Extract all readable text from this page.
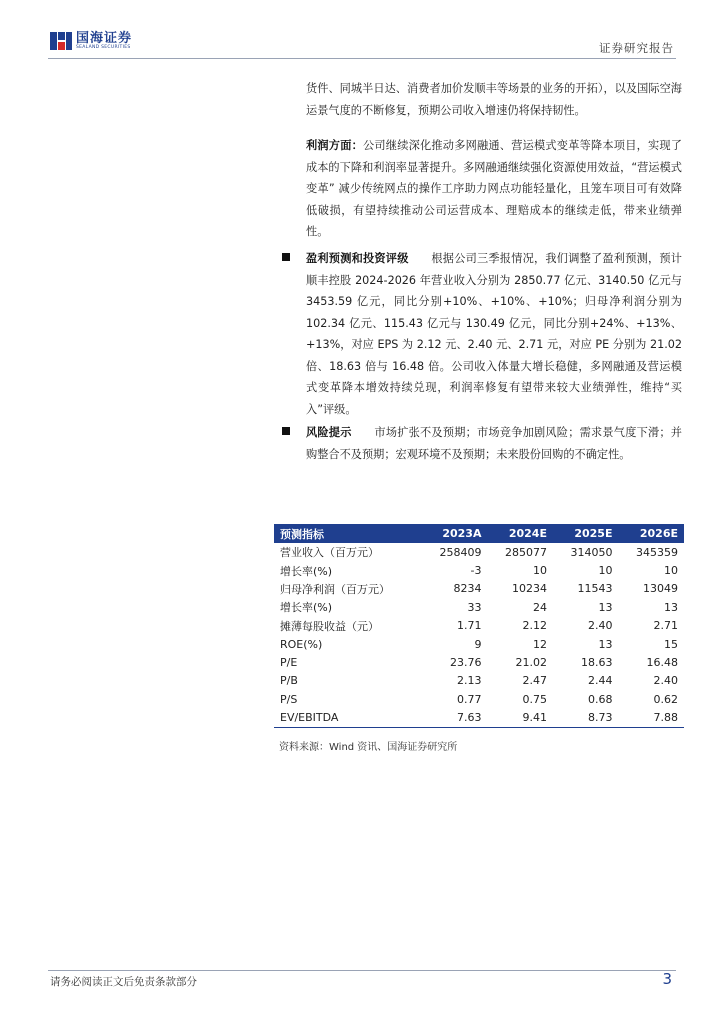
国海证券
SEALAND SECURITIES	证券研究报告

货件、同城半日达、消费者加价发顺丰等场景的业务的开拓），以及国际空海运景气度的不断修复，预期公司收入增速仍将保持韧性。

利润方面：公司继续深化推动多网融通、营运模式变革等降本项目，实现了成本的下降和利润率显著提升。多网融通继续强化资源使用效益，“营运模式变革” 减少传统网点的操作工序助力网点功能轻量化，且笼车项目可有效降低破损，有望持续推动公司运营成本、理赔成本的继续走低，带来业绩弹性。

盈利预测和投资评级　　 根据公司三季报情况，我们调整了盈利预测，预计顺丰控股 2024-2026 年营业收入分别为 2850.77 亿元、3140.50 亿元与 3453.59 亿元，同比分别+10%、+10%、+10%；归母净利润分别为 102.34 亿元、115.43 亿元与 130.49 亿元，同比分别+24%、+13%、+13%，对应 EPS 为 2.12 元、2.40 元、2.71 元，对应 PE 分别为 21.02 倍、18.63 倍与 16.48 倍。公司收入体量大增长稳健，多网融通及营运模式变革降本增效持续兑现，利润率修复有望带来较大业绩弹性，维持“买入”评级。

风险提示　　 市场扩张不及预期；市场竞争加剧风险；需求景气度下滑；并购整合不及预期；宏观环境不及预期；未来股份回购的不确定性。

预测指标	2023A	2024E	2025E	2026E
营业收入（百万元）	258409	285077	314050	345359
增长率(%)	-3	10	10	10
归母净利润（百万元）	8234	10234	11543	13049
增长率(%)	33	24	13	13
摊薄每股收益（元）	1.71	2.12	2.40	2.71
ROE(%)	9	12	13	15
P/E	23.76	21.02	18.63	16.48
P/B	2.13	2.47	2.44	2.40
P/S	0.77	0.75	0.68	0.62
EV/EBITDA	7.63	9.41	8.73	7.88
资料来源：Wind 资讯、国海证券研究所
请务必阅读正文后免责条款部分	3
